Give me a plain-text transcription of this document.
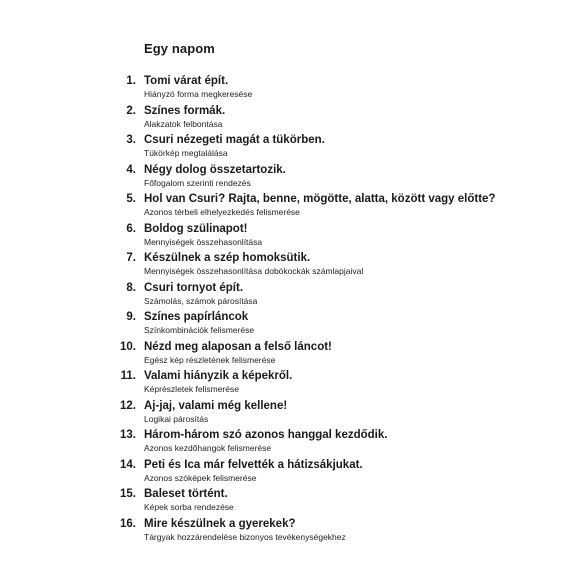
Egy napom
1. Tomi várat épít.
Hiányzó forma megkeresése
2. Színes formák.
Alakzatok felbontása
3. Csuri nézegeti magát a tükörben.
Tükörkép megtalálása
4. Négy dolog összetartozik.
Főfogalom szerinti rendezés
5. Hol van Csuri? Rajta, benne, mögötte, alatta, között vagy előtte?
Azonos térbeli elhelyezkedés felismerése
6. Boldog szülinapot!
Mennyiségek összehasonlítása
7. Készülnek a szép homoksütik.
Mennyiségek összehasonlítása dobókockák számlapjaival
8. Csuri tornyot épít.
Számolás, számok párosítása
9. Színes papírláncok
Színkombinációk felismerése
10. Nézd meg alaposan a felső láncot!
Egész kép részletének felismerése
11. Valami hiányzik a képekről.
Képrészletek felismerése
12. Aj-jaj, valami még kellene!
Logikai párosítás
13. Három-három szó azonos hanggal kezdődik.
Azonos kezdőhangok felismerése
14. Peti és Ica már felvették a hátizsákjukat.
Azonos szóképek felismerése
15. Baleset történt.
Képek sorba rendezése
16. Mire készülnek a gyerekek?
Tárgyak hozzárendelése bizonyos tevékenységekhez
